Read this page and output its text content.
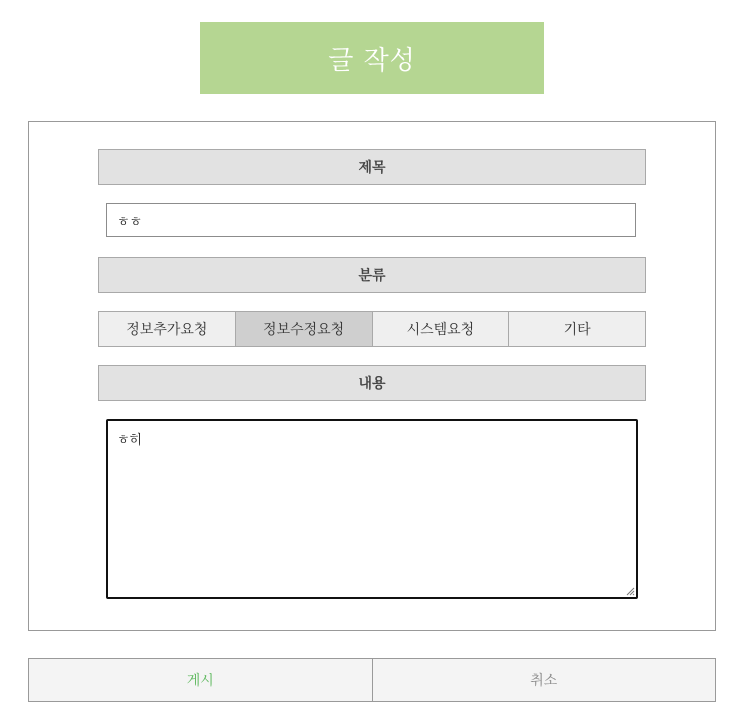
글 작성
제목
ㅎㅎ
분류
정보추가요청	정보수정요청	시스템요청	기타
내용
ㅎ히
게시	취소
